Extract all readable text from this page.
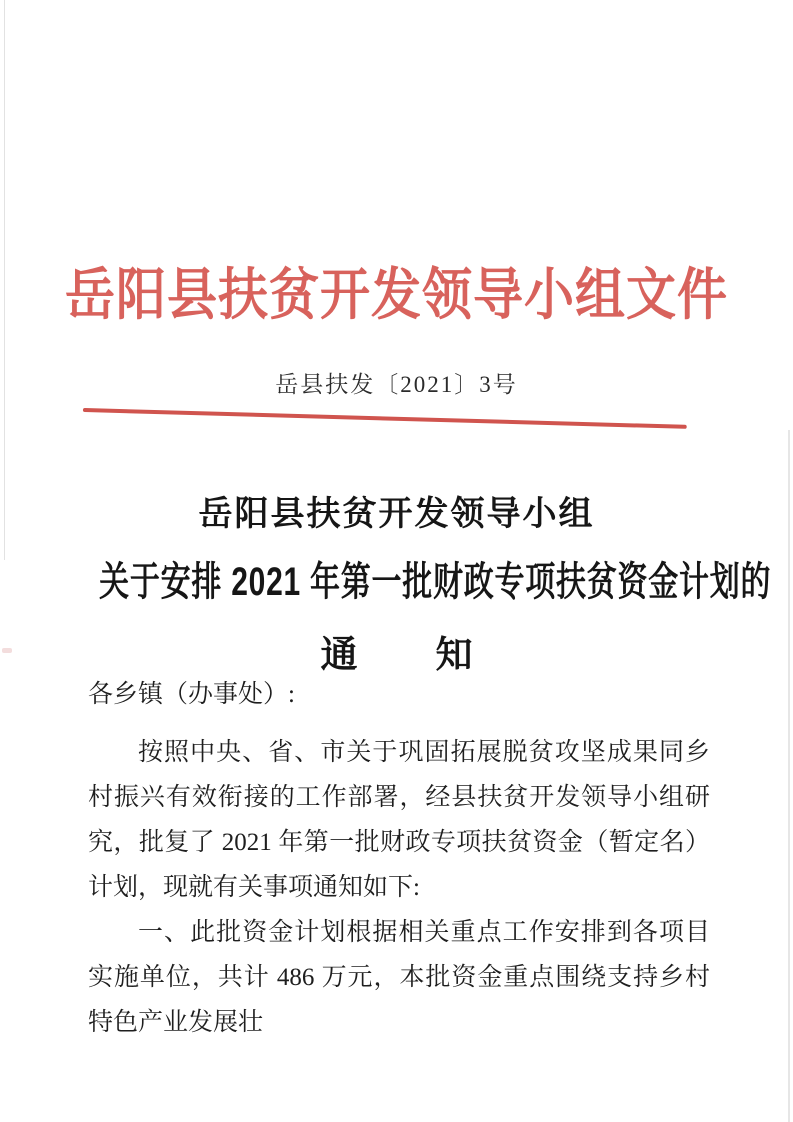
岳阳县扶贫开发领导小组文件
岳县扶发〔2021〕3号
岳阳县扶贫开发领导小组
关于安排 2021 年第一批财政专项扶贫资金计划的
通 知
各乡镇（办事处）:

按照中央、省、市关于巩固拓展脱贫攻坚成果同乡村振兴有效衔接的工作部署，经县扶贫开发领导小组研究，批复了 2021 年第一批财政专项扶贫资金（暂定名）计划，现就有关事项通知如下:

一、此批资金计划根据相关重点工作安排到各项目实施单位，共计 486 万元，本批资金重点围绕支持乡村特色产业发展壮
